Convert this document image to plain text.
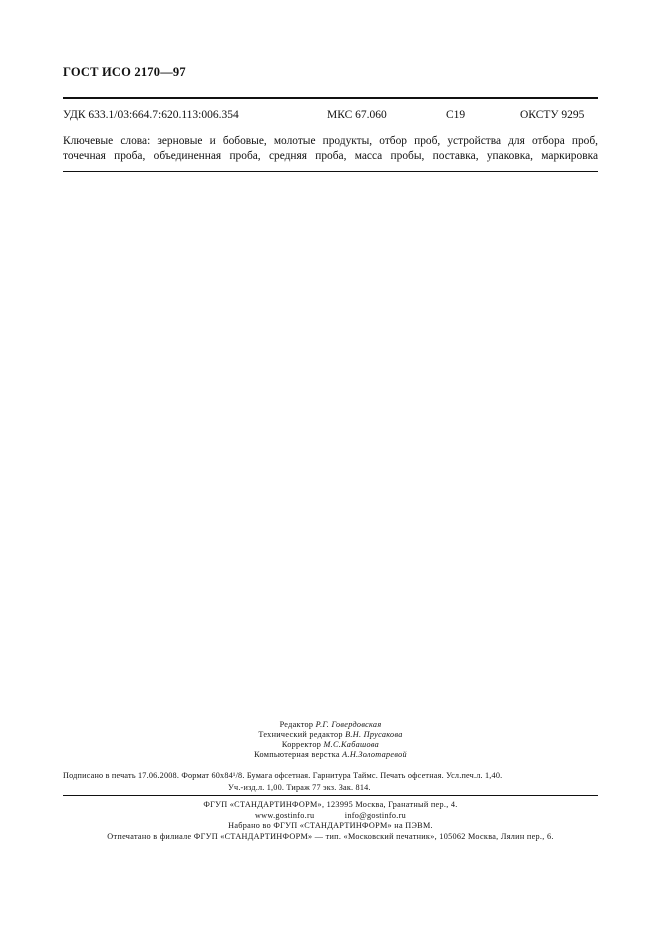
ГОСТ ИСО 2170—97
УДК 633.1/03:664.7:620.113:006.354	МКС 67.060	С19	ОКСТУ 9295
Ключевые слова: зерновые и бобовые, молотые продукты, отбор проб, устройства для отбора проб,
точечная проба, объединенная проба, средняя проба, масса пробы, поставка, упаковка, маркировка
Редактор Р.Г. Говердовская
Технический редактор В.Н. Прусакова
Корректор М.С.Кабашова
Компьютерная верстка А.Н.Золотаревой
Подписано в печать 17.06.2008. Формат 60x84¹/8. Бумага офсетная. Гарнитура Таймс. Печать офсетная. Усл.печ.л. 1,40.
Уч.-изд.л. 1,00. Тираж 77 экз. Зак. 814.
ФГУП «СТАНДАРТИНФОРМ», 123995 Москва, Гранатный пер., 4.
www.gostinfo.ru	info@gostinfo.ru
Набрано во ФГУП «СТАНДАРТИНФОРМ» на ПЭВМ.
Отпечатано в филиале ФГУП «СТАНДАРТИНФОРМ» — тип. «Московский печатник», 105062 Москва, Лялин пер., 6.
